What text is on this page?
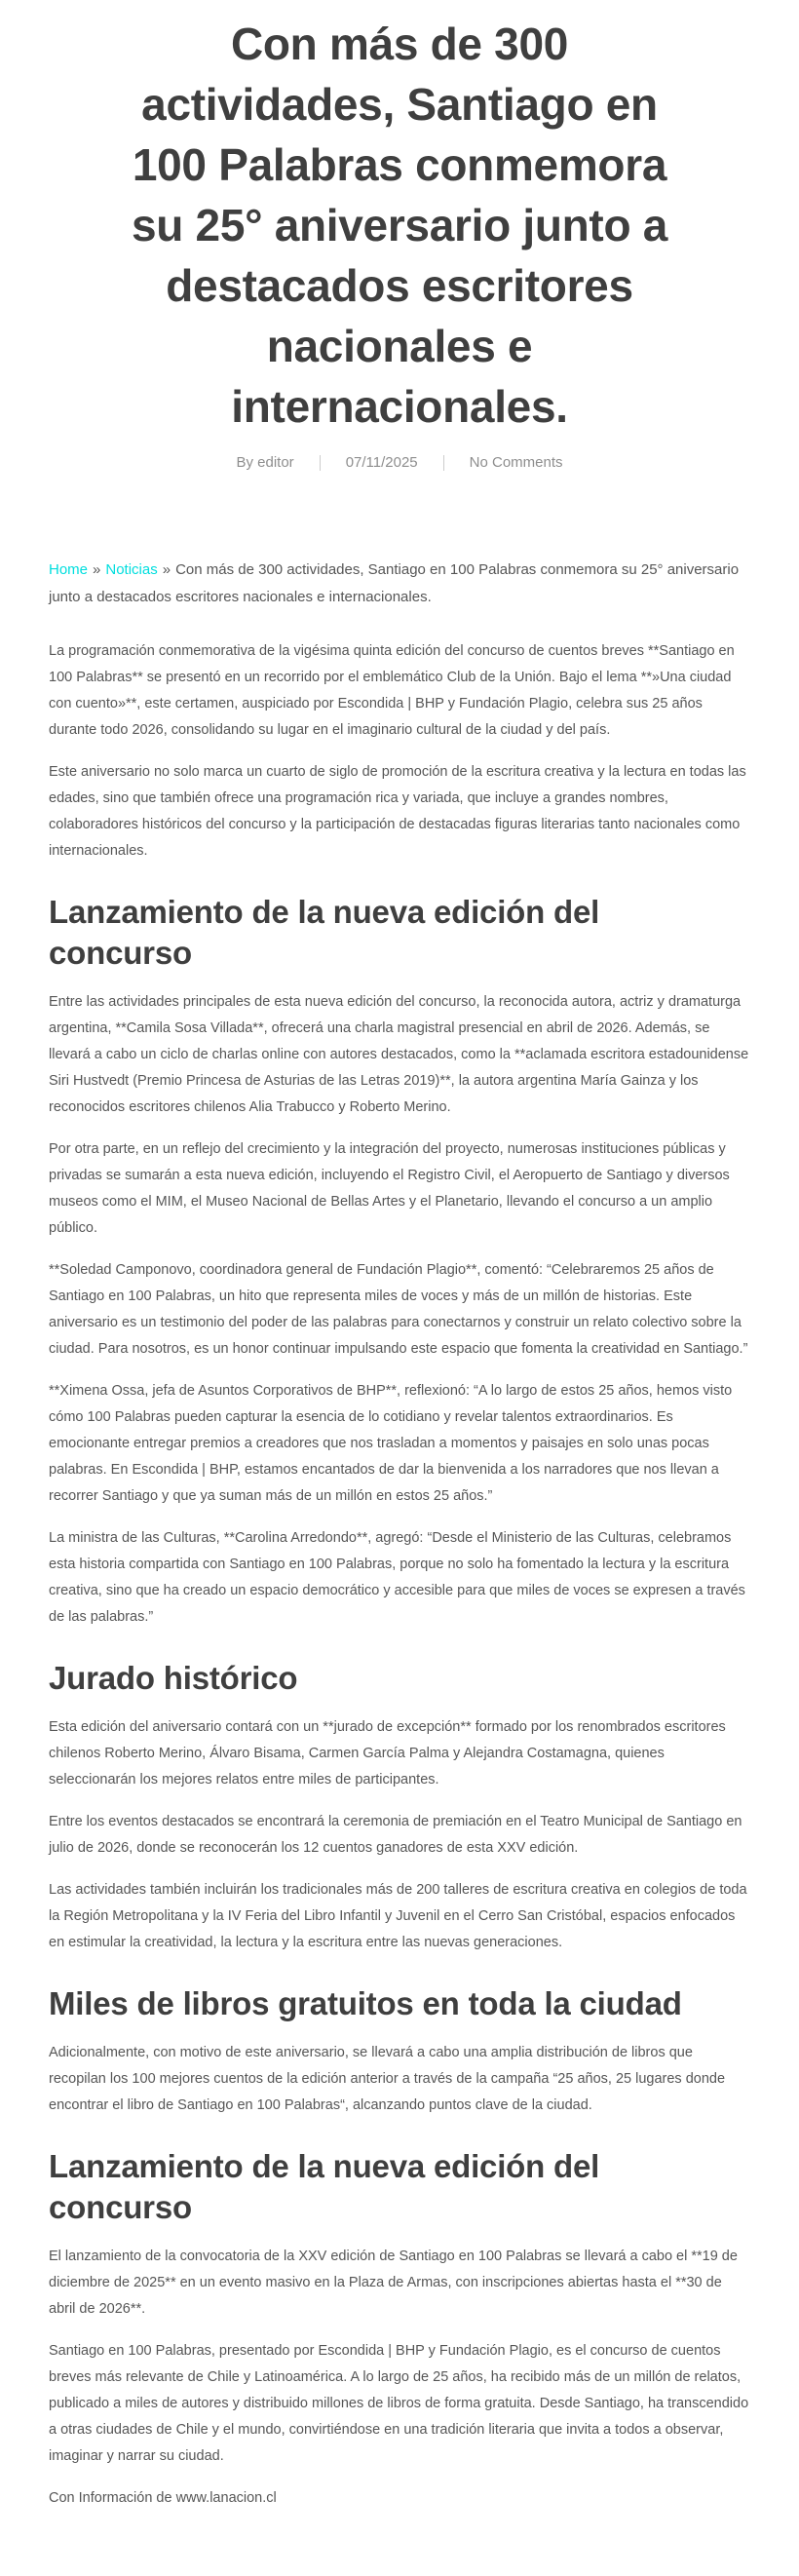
Con más de 300 actividades, Santiago en 100 Palabras conmemora su 25° aniversario junto a destacados escritores nacionales e internacionales.
By editor	07/11/2025	No Comments

Home » Noticias » Con más de 300 actividades, Santiago en 100 Palabras conmemora su 25° aniversario junto a destacados escritores nacionales e internacionales.

La programación conmemorativa de la vigésima quinta edición del concurso de cuentos breves **Santiago en 100 Palabras** se presentó en un recorrido por el emblemático Club de la Unión. Bajo el lema **»Una ciudad con cuento»**, este certamen, auspiciado por Escondida | BHP y Fundación Plagio, celebra sus 25 años durante todo 2026, consolidando su lugar en el imaginario cultural de la ciudad y del país.

Este aniversario no solo marca un cuarto de siglo de promoción de la escritura creativa y la lectura en todas las edades, sino que también ofrece una programación rica y variada, que incluye a grandes nombres, colaboradores históricos del concurso y la participación de destacadas figuras literarias tanto nacionales como internacionales.

Lanzamiento de la nueva edición del concurso

Entre las actividades principales de esta nueva edición del concurso, la reconocida autora, actriz y dramaturga argentina, **Camila Sosa Villada**, ofrecerá una charla magistral presencial en abril de 2026. Además, se llevará a cabo un ciclo de charlas online con autores destacados, como la **aclamada escritora estadounidense Siri Hustvedt (Premio Princesa de Asturias de las Letras 2019)**, la autora argentina María Gainza y los reconocidos escritores chilenos Alia Trabucco y Roberto Merino.

Por otra parte, en un reflejo del crecimiento y la integración del proyecto, numerosas instituciones públicas y privadas se sumarán a esta nueva edición, incluyendo el Registro Civil, el Aeropuerto de Santiago y diversos museos como el MIM, el Museo Nacional de Bellas Artes y el Planetario, llevando el concurso a un amplio público.

**Soledad Camponovo, coordinadora general de Fundación Plagio**, comentó: “Celebraremos 25 años de Santiago en 100 Palabras, un hito que representa miles de voces y más de un millón de historias. Este aniversario es un testimonio del poder de las palabras para conectarnos y construir un relato colectivo sobre la ciudad. Para nosotros, es un honor continuar impulsando este espacio que fomenta la creatividad en Santiago.”

**Ximena Ossa, jefa de Asuntos Corporativos de BHP**, reflexionó: “A lo largo de estos 25 años, hemos visto cómo 100 Palabras pueden capturar la esencia de lo cotidiano y revelar talentos extraordinarios. Es emocionante entregar premios a creadores que nos trasladan a momentos y paisajes en solo unas pocas palabras. En Escondida | BHP, estamos encantados de dar la bienvenida a los narradores que nos llevan a recorrer Santiago y que ya suman más de un millón en estos 25 años.”

La ministra de las Culturas, **Carolina Arredondo**, agregó: “Desde el Ministerio de las Culturas, celebramos esta historia compartida con Santiago en 100 Palabras, porque no solo ha fomentado la lectura y la escritura creativa, sino que ha creado un espacio democrático y accesible para que miles de voces se expresen a través de las palabras.”

Jurado histórico

Esta edición del aniversario contará con un **jurado de excepción** formado por los renombrados escritores chilenos Roberto Merino, Álvaro Bisama, Carmen García Palma y Alejandra Costamagna, quienes seleccionarán los mejores relatos entre miles de participantes.

Entre los eventos destacados se encontrará la ceremonia de premiación en el Teatro Municipal de Santiago en julio de 2026, donde se reconocerán los 12 cuentos ganadores de esta XXV edición.

Las actividades también incluirán los tradicionales más de 200 talleres de escritura creativa en colegios de toda la Región Metropolitana y la IV Feria del Libro Infantil y Juvenil en el Cerro San Cristóbal, espacios enfocados en estimular la creatividad, la lectura y la escritura entre las nuevas generaciones.

Miles de libros gratuitos en toda la ciudad

Adicionalmente, con motivo de este aniversario, se llevará a cabo una amplia distribución de libros que recopilan los 100 mejores cuentos de la edición anterior a través de la campaña “25 años, 25 lugares donde encontrar el libro de Santiago en 100 Palabras“, alcanzando puntos clave de la ciudad.

Lanzamiento de la nueva edición del concurso

El lanzamiento de la convocatoria de la XXV edición de Santiago en 100 Palabras se llevará a cabo el **19 de diciembre de 2025** en un evento masivo en la Plaza de Armas, con inscripciones abiertas hasta el **30 de abril de 2026**.

Santiago en 100 Palabras, presentado por Escondida | BHP y Fundación Plagio, es el concurso de cuentos breves más relevante de Chile y Latinoamérica. A lo largo de 25 años, ha recibido más de un millón de relatos, publicado a miles de autores y distribuido millones de libros de forma gratuita. Desde Santiago, ha transcendido a otras ciudades de Chile y el mundo, convirtiéndose en una tradición literaria que invita a todos a observar, imaginar y narrar su ciudad.

Con Información de www.lanacion.cl
